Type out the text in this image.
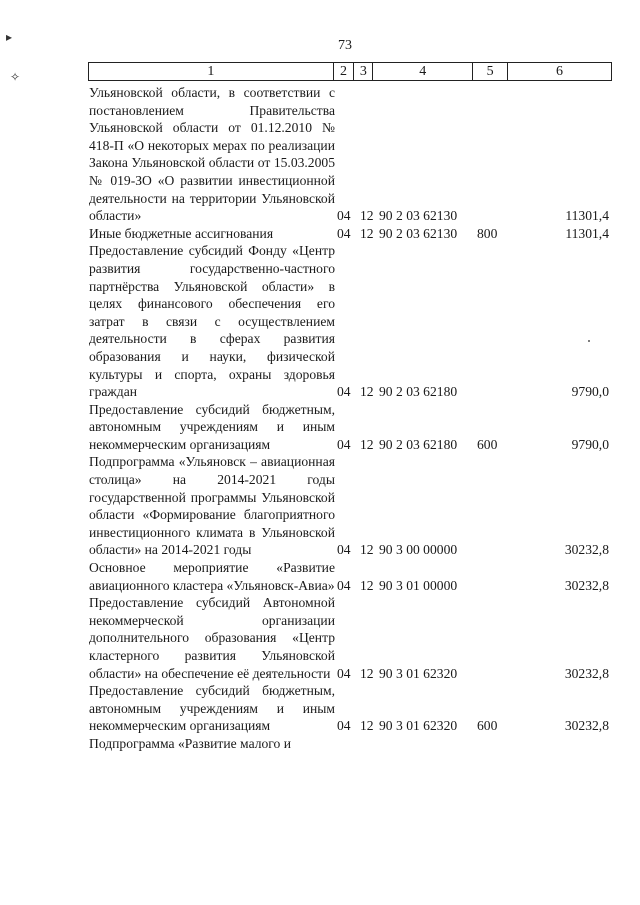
▸
✧
73
1	2 3	4	5	6
Ульяновской области, в соответствии с постановлением Правительства Ульяновской области от 01.12.2010 № 418-П «О некоторых мерах по реализации Закона Ульяновской области от 15.03.2005 № 019-ЗО «О развитии инвестиционной деятельности на территории Ульяновской области»	04 12 90 2 03 62130	11301,4
Иные бюджетные ассигнования	04 12 90 2 03 62130 800	11301,4
Предоставление субсидий Фонду «Центр развития государственно-частного партнёрства Ульяновской области» в целях финансового обеспечения его затрат в связи с осуществлением деятельности в сферах развития образования и науки, физической культуры и спорта, охраны здоровья граждан	04 12 90 2 03 62180	9790,0
Предоставление субсидий бюджетным, автономным учреждениям и иным некоммерческим организациям	04 12 90 2 03 62180 600	9790,0
Подпрограмма «Ульяновск – авиационная столица» на 2014-2021 годы государственной программы Ульяновской области «Формирование благоприятного инвестиционного климата в Ульяновской области» на 2014-2021 годы	04 12 90 3 00 00000	30232,8
Основное мероприятие «Развитие авиационного кластера «Ульяновск-Авиа» 04 12 90 3 01 00000	30232,8
Предоставление субсидий Автономной некоммерческой организации дополнительного образования «Центр кластерного развития Ульяновской области» на обеспечение её деятельности 04 12 90 3 01 62320	30232,8
Предоставление субсидий бюджетным, автономным учреждениям и иным некоммерческим организациям	04 12 90 3 01 62320 600	30232,8
Подпрограмма «Развитие малого и
